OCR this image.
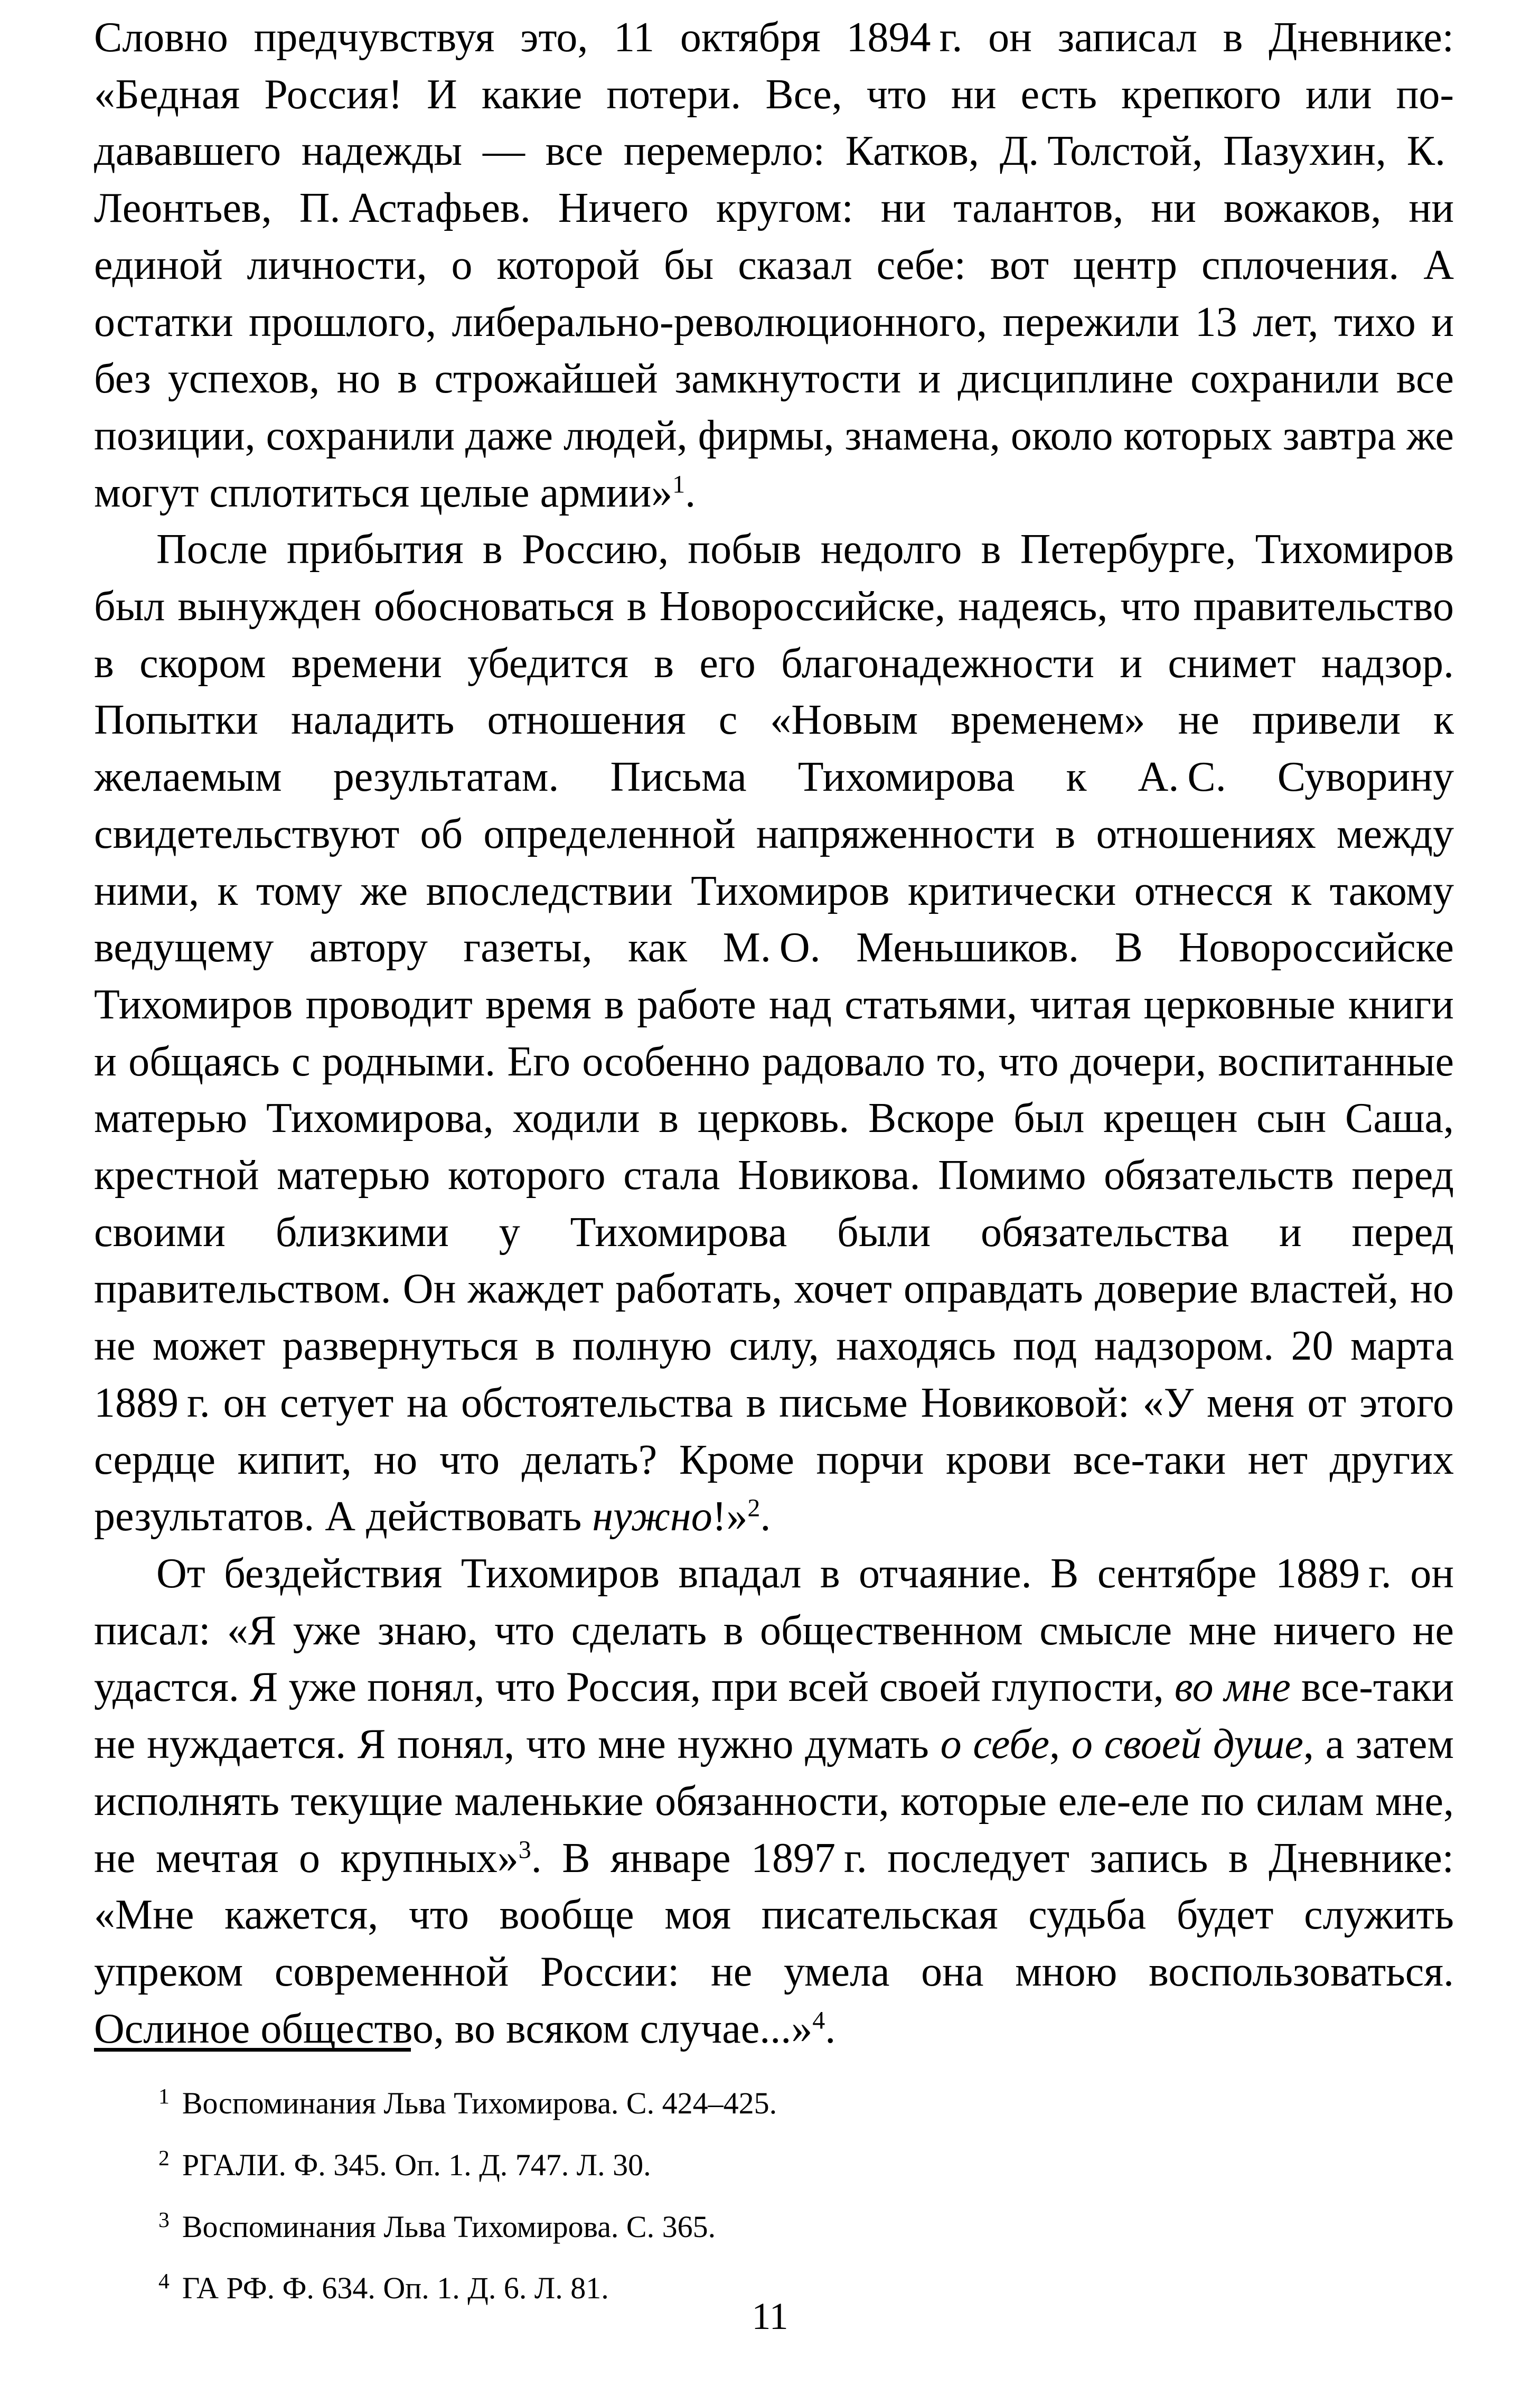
Словно предчувствуя это, 11 октября 1894 г. он записал в Дневнике: «Бедная Россия! И какие потери. Все, что ни есть крепкого или подававшего надежды — все перемерло: Катков, Д. Толстой, Пазухин, К. Леонтьев, П. Астафьев. Ничего кругом: ни талантов, ни вожаков, ни единой личности, о которой бы сказал себе: вот центр сплочения. А остатки прошлого, либерально-революционного, пережили 13 лет, тихо и без успехов, но в строжайшей замкнутости и дисциплине сохранили все позиции, сохранили даже людей, фирмы, знамена, около которых завтра же могут сплотиться целые армии»$^1$.

После прибытия в Россию, побыв недолго в Петербурге, Тихомиров был вынужден обосноваться в Новороссийске, надеясь, что правительство в скором времени убедится в его благонадежности и снимет надзор. Попытки наладить отношения с «Новым временем» не привели к желаемым результатам. Письма Тихомирова к А. С. Суворину свидетельствуют об определенной напряженности в отношениях между ними, к тому же впоследствии Тихомиров критически отнесся к такому ведущему автору газеты, как М. О. Меньшиков. В Новороссийске Тихомиров проводит время в работе над статьями, читая церковные книги и общаясь с родными. Его особенно радовало то, что дочери, воспитанные матерью Тихомирова, ходили в церковь. Вскоре был крещен сын Саша, крестной матерью которого стала Новикова. Помимо обязательств перед своими близкими у Тихомирова были обязательства и перед правительством. Он жаждет работать, хочет оправдать доверие властей, но не может развернуться в полную силу, находясь под надзором. 20 марта 1889 г. он сетует на обстоятельства в письме Новиковой: «У меня от этого сердце кипит, но что делать? Кроме порчи крови все-таки нет других результатов. А действовать нужно!»$^2$.

От бездействия Тихомиров впадал в отчаяние. В сентябре 1889 г. он писал: «Я уже знаю, что сделать в общественном смысле мне ничего не удастся. Я уже понял, что Россия, при всей своей глупости, во мне все-таки не нуждается. Я понял, что мне нужно думать о себе, о своей душе, а затем исполнять текущие маленькие обязанности, которые еле-еле по силам мне, не мечтая о крупных»$^3$. В январе 1897 г. последует запись в Дневнике: «Мне кажется, что вообще моя писательская судьба будет служить упреком современной России: не умела она мною воспользоваться. Ослиное общество, во всяком случае...»$^4$.

$^1$ Воспоминания Льва Тихомирова. С. 424–425.

$^2$ РГАЛИ. Ф. 345. Оп. 1. Д. 747. Л. 30.

$^3$ Воспоминания Льва Тихомирова. С. 365.

$^4$ ГА РФ. Ф. 634. Оп. 1. Д. 6. Л. 81.

11
